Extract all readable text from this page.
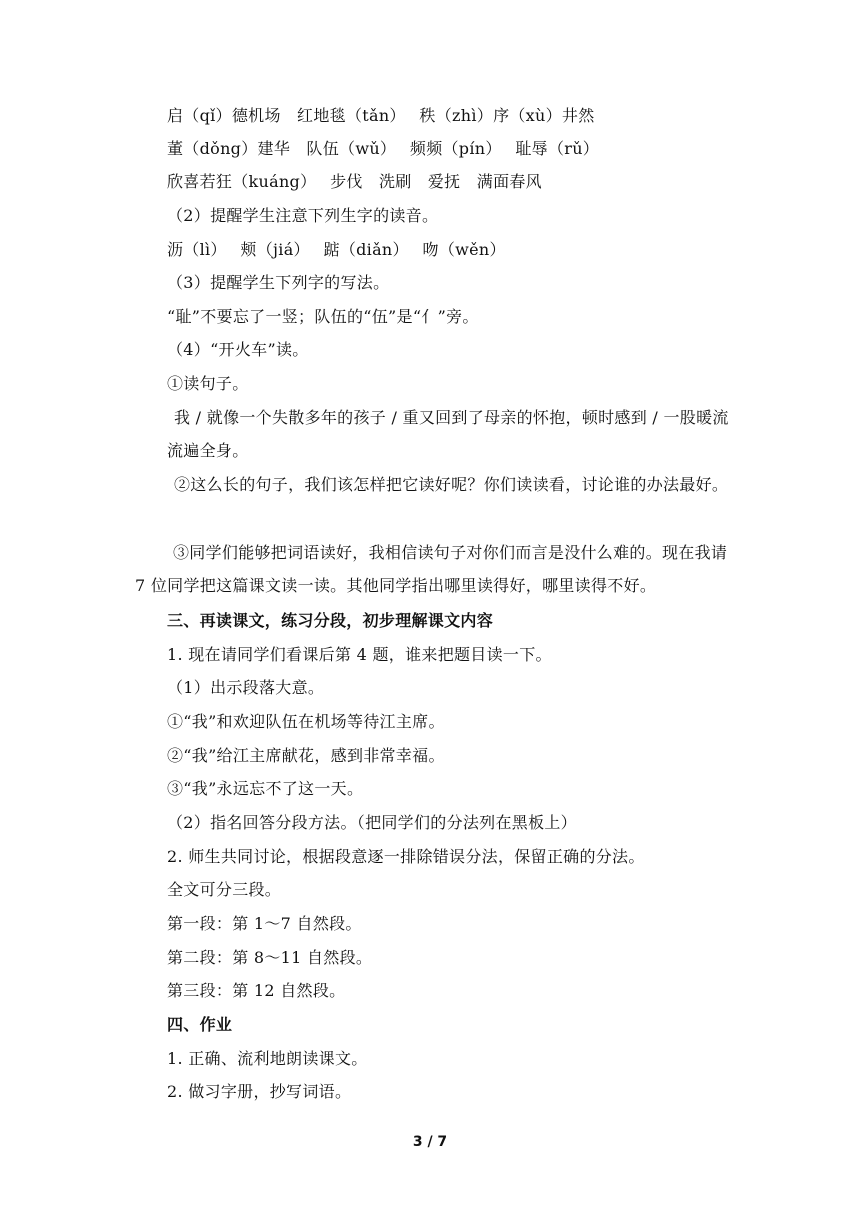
启（qǐ）德机场　红地毯（tǎn）　 秩（zhì）序（xù）井然
董（dǒng）建华　队伍（wǔ）　 频频（pín）　 耻辱（rǔ）
欣喜若狂（kuáng）　 步伐　洗刷　爱抚　满面春风
（2）提醒学生注意下列生字的读音。
沥（lì）　 颊（jiá）　 踮（diǎn）　 吻（wěn）
（3）提醒学生下列字的写法。
“耻”不要忘了一竖；队伍的“伍”是“亻”旁。
（4）“开火车”读。
①读句子。
我 / 就像一个失散多年的孩子 / 重又回到了母亲的怀抱，顿时感到 / 一股暖流流遍全身。
②这么长的句子，我们该怎样把它读好呢？你们读读看，讨论谁的办法最好。
③同学们能够把词语读好，我相信读句子对你们而言是没什么难的。现在我请 7 位同学把这篇课文读一读。其他同学指出哪里读得好，哪里读得不好。
三、再读课文，练习分段，初步理解课文内容
1. 现在请同学们看课后第 4 题，谁来把题目读一下。
（1）出示段落大意。
①“我”和欢迎队伍在机场等待江主席。
②“我”给江主席献花，感到非常幸福。
③“我”永远忘不了这一天。
（2）指名回答分段方法。（把同学们的分法列在黑板上）
2. 师生共同讨论，根据段意逐一排除错误分法，保留正确的分法。
全文可分三段。
第一段：第 1～7 自然段。
第二段：第 8～11 自然段。
第三段：第 12 自然段。
四、作业
1. 正确、流利地朗读课文。
2. 做习字册，抄写词语。
3 / 7
